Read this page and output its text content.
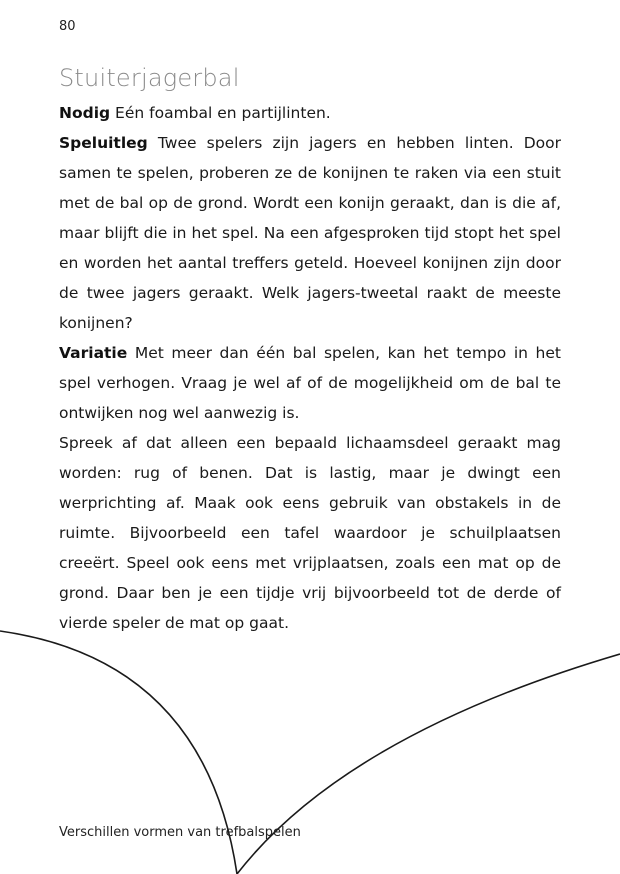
80
Stuiterjagerbal

Nodig Eén foambal en partijlinten.

Speluitleg Twee spelers zijn jagers en hebben linten. Door samen te spelen, proberen ze de konijnen te raken via een stuit met de bal op de grond. Wordt een konijn geraakt, dan is die af, maar blijft die in het spel. Na een afgesproken tijd stopt het spel en worden het aantal treffers geteld. Hoeveel konijnen zijn door de twee jagers geraakt. Welk jagers-tweetal raakt de meeste konijnen?

Variatie Met meer dan één bal spelen, kan het tempo in het spel verhogen. Vraag je wel af of de mogelijkheid om de bal te ontwijken nog wel aanwezig is.

Spreek af dat alleen een bepaald lichaamsdeel geraakt mag worden: rug of benen. Dat is lastig, maar je dwingt een werprichting af. Maak ook eens gebruik van obstakels in de ruimte. Bijvoorbeeld een tafel waardoor je schuilplaatsen creeërt. Speel ook eens met vrijplaatsen, zoals een mat op de grond. Daar ben je een tijdje vrij bijvoorbeeld tot de derde of vierde speler de mat op gaat.

Verschillen vormen van trefbalspelen
